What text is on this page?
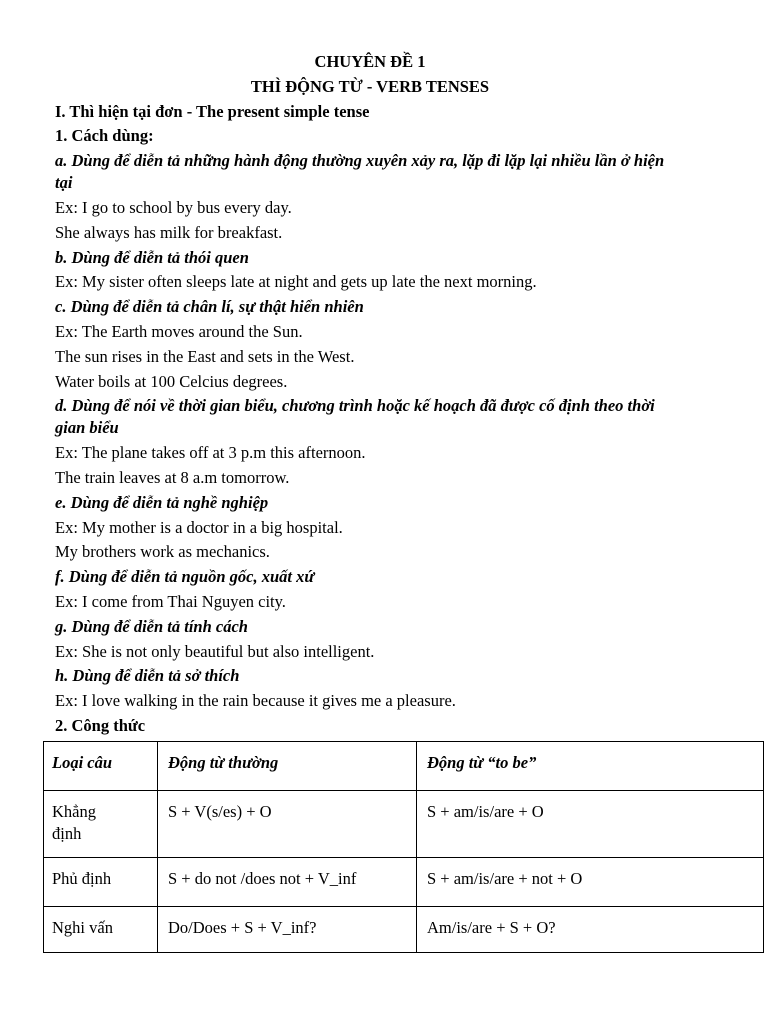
CHUYÊN ĐỀ 1

THÌ ĐỘNG TỪ - VERB TENSES

I. Thì hiện tại đơn - The present simple tense

1. Cách dùng:

a. Dùng để diễn tả những hành động thường xuyên xảy ra, lặp đi lặp lại nhiều lần ở hiện tại

Ex: I go to school by bus every day.

She always has milk for breakfast.

b. Dùng để diễn tả thói quen

Ex: My sister often sleeps late at night and gets up late the next morning.

c. Dùng để diễn tả chân lí, sự thật hiển nhiên

Ex: The Earth moves around the Sun.

The sun rises in the East and sets in the West.

Water boils at 100 Celcius degrees.

d. Dùng để nói về thời gian biểu, chương trình hoặc kế hoạch đã được cố định theo thời gian biểu

Ex: The plane takes off at 3 p.m this afternoon.

The train leaves at 8 a.m tomorrow.

e. Dùng để diễn tả nghề nghiệp

Ex: My mother is a doctor in a big hospital.

My brothers work as mechanics.

f. Dùng để diễn tả nguồn gốc, xuất xứ

Ex: I come from Thai Nguyen city.

g. Dùng để diễn tả tính cách

Ex: She is not only beautiful but also intelligent.

h. Dùng để diễn tả sở thích

Ex: I love walking in the rain because it gives me a pleasure.

2. Công thức

Loại câu	Động từ thường	Động từ “to be”
Khẳng định	S + V(s/es) + O	S + am/is/are + O
Phủ định	S + do not /does not + V_inf	S + am/is/are + not + O
Nghi vấn	Do/Does + S + V_inf?	Am/is/are + S + O?
